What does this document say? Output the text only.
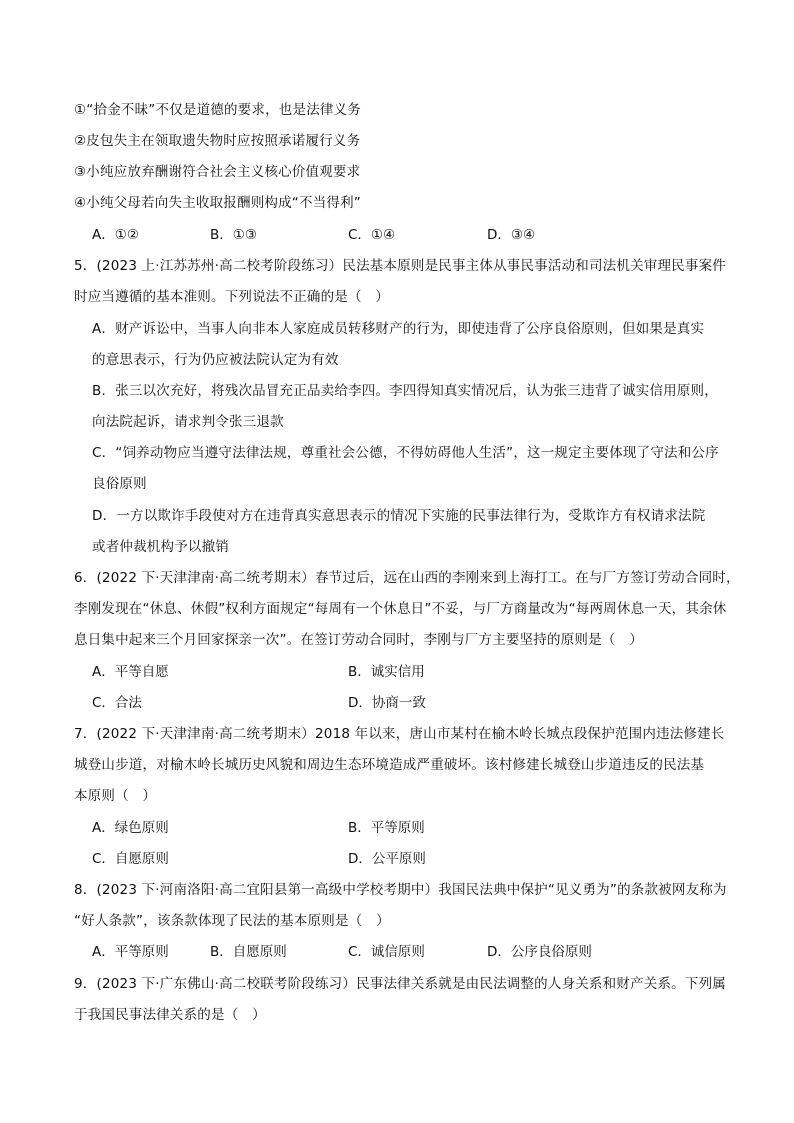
①“拾金不昧”不仅是道德的要求，也是法律义务
②皮包失主在领取遗失物时应按照承诺履行义务
③小纯应放弃酬谢符合社会主义核心价值观要求
④小纯父母若向失主收取报酬则构成“不当得利”
A．①②	B．①③	C．①④	D．③④
5．(2023 上·江苏苏州·高二校考阶段练习）民法基本原则是民事主体从事民事活动和司法机关审理民事案件
时应当遵循的基本准则。下列说法不正确的是（　）
A．财产诉讼中，当事人向非本人家庭成员转移财产的行为，即使违背了公序良俗原则，但如果是真实
的意思表示，行为仍应被法院认定为有效
B．张三以次充好，将残次品冒充正品卖给李四。李四得知真实情况后，认为张三违背了诚实信用原则，
向法院起诉，请求判令张三退款
C．“饲养动物应当遵守法律法规，尊重社会公德，不得妨碍他人生活”，这一规定主要体现了守法和公序
良俗原则
D．一方以欺诈手段使对方在违背真实意思表示的情况下实施的民事法律行为，受欺诈方有权请求法院
或者仲裁机构予以撤销
6．(2022 下·天津津南·高二统考期末）春节过后，远在山西的李刚来到上海打工。在与厂方签订劳动合同时，
李刚发现在“休息、休假”权利方面规定“每周有一个休息日”不妥，与厂方商量改为“每两周休息一天，其余休
息日集中起来三个月回家探亲一次”。在签订劳动合同时，李刚与厂方主要坚持的原则是（　）
A．平等自愿	B．诚实信用
C．合法	D．协商一致
7．(2022 下·天津津南·高二统考期末）2018 年以来，唐山市某村在榆木岭长城点段保护范围内违法修建长
城登山步道，对榆木岭长城历史风貌和周边生态环境造成严重破坏。该村修建长城登山步道违反的民法基
本原则（　）
A．绿色原则	B．平等原则
C．自愿原则	D．公平原则
8．(2023 下·河南洛阳·高二宜阳县第一高级中学校考期中）我国民法典中保护“见义勇为”的条款被网友称为
“好人条款”，该条款体现了民法的基本原则是（　）
A．平等原则	B．自愿原则	C．诚信原则	D．公序良俗原则
9．(2023 下·广东佛山·高二校联考阶段练习）民事法律关系就是由民法调整的人身关系和财产关系。下列属
于我国民事法律关系的是（　）
